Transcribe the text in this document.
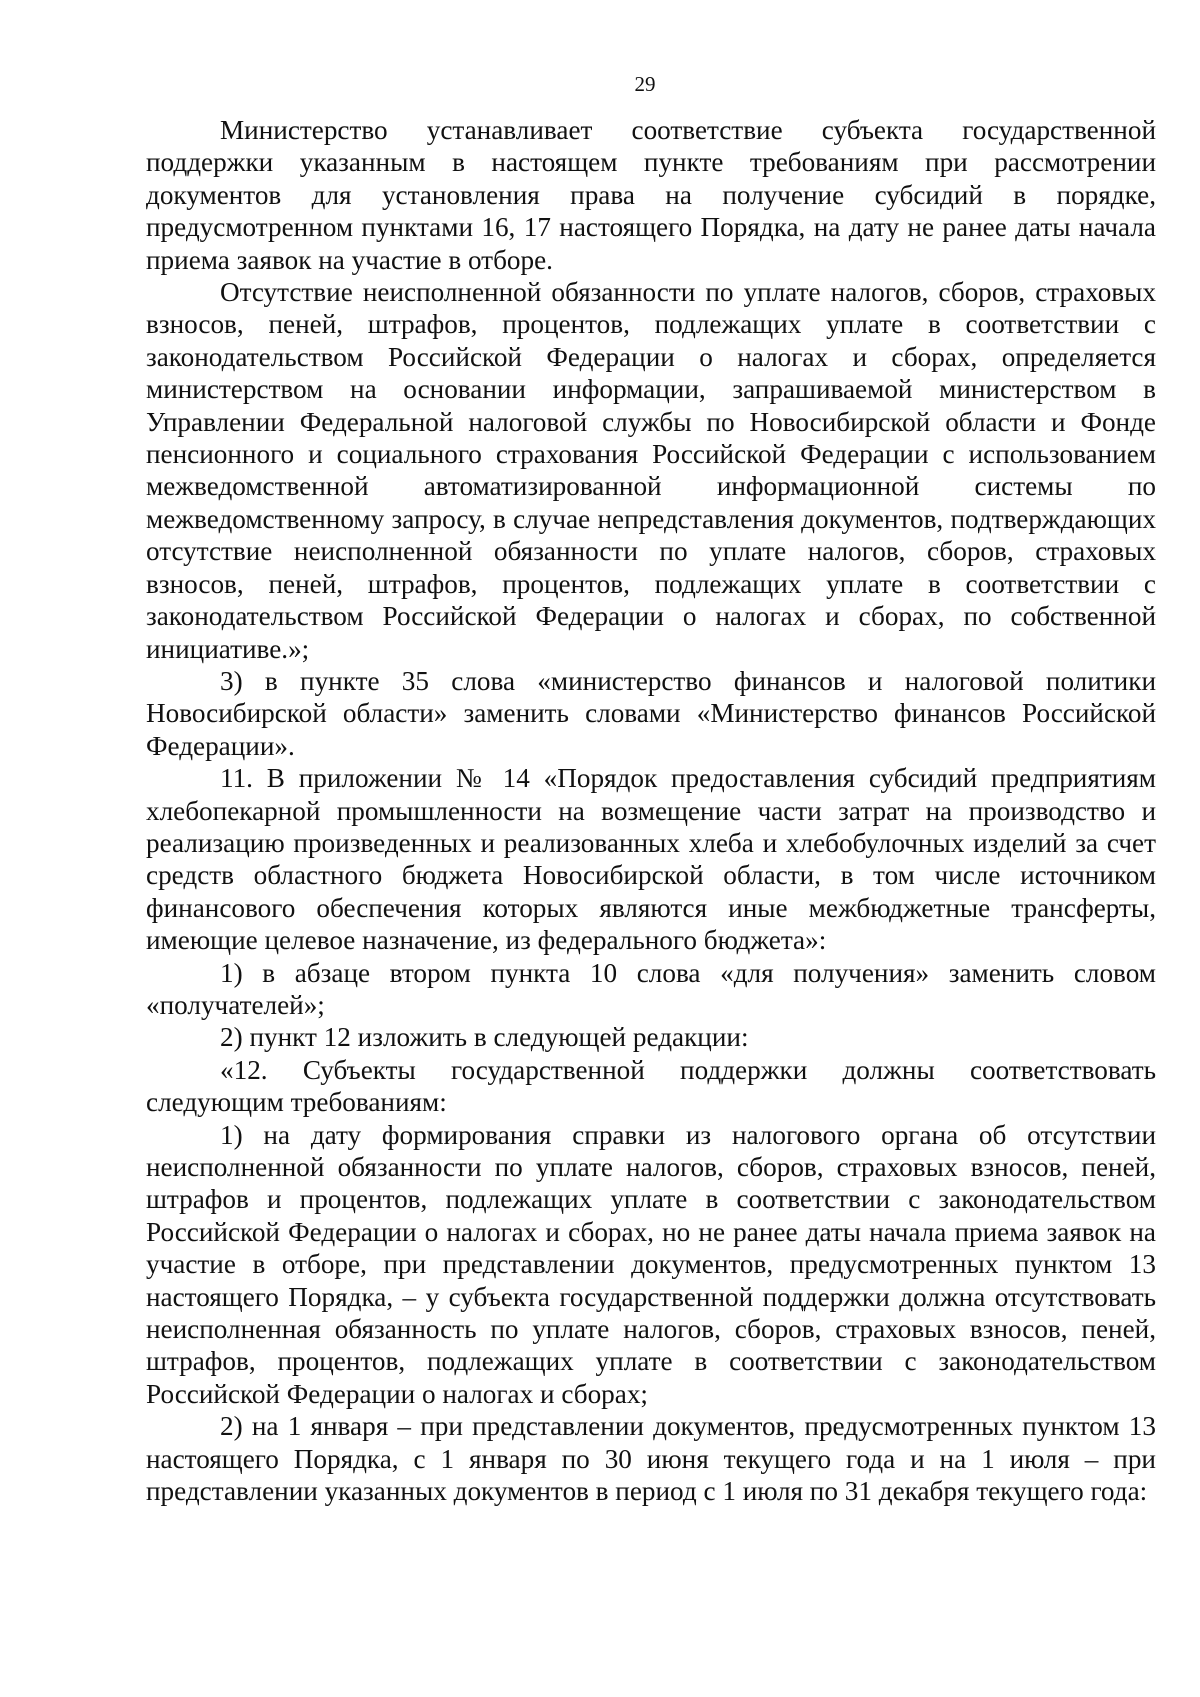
29

Министерство устанавливает соответствие субъекта государственной поддержки указанным в настоящем пункте требованиям при рассмотрении документов для установления права на получение субсидий в порядке, предусмотренном пунктами 16, 17 настоящего Порядка, на дату не ранее даты начала приема заявок на участие в отборе.

Отсутствие неисполненной обязанности по уплате налогов, сборов, страховых взносов, пеней, штрафов, процентов, подлежащих уплате в соответствии с законодательством Российской Федерации о налогах и сборах, определяется министерством на основании информации, запрашиваемой министерством в Управлении Федеральной налоговой службы по Новосибирской области и Фонде пенсионного и социального страхования Российской Федерации с использованием межведомственной автоматизированной информационной системы по межведомственному запросу, в случае непредставления документов, подтверждающих отсутствие неисполненной обязанности по уплате налогов, сборов, страховых взносов, пеней, штрафов, процентов, подлежащих уплате в соответствии с законодательством Российской Федерации о налогах и сборах, по собственной инициативе.»;

3) в пункте 35 слова «министерство финансов и налоговой политики Новосибирской области» заменить словами «Министерство финансов Российской Федерации».

11. В приложении № 14 «Порядок предоставления субсидий предприятиям хлебопекарной промышленности на возмещение части затрат на производство и реализацию произведенных и реализованных хлеба и хлебобулочных изделий за счет средств областного бюджета Новосибирской области, в том числе источником финансового обеспечения которых являются иные межбюджетные трансферты, имеющие целевое назначение, из федерального бюджета»:

1) в абзаце втором пункта 10 слова «для получения» заменить словом «получателей»;

2) пункт 12 изложить в следующей редакции:

«12. Субъекты государственной поддержки должны соответствовать следующим требованиям:

1) на дату формирования справки из налогового органа об отсутствии неисполненной обязанности по уплате налогов, сборов, страховых взносов, пеней, штрафов и процентов, подлежащих уплате в соответствии с законодательством Российской Федерации о налогах и сборах, но не ранее даты начала приема заявок на участие в отборе, при представлении документов, предусмотренных пунктом 13 настоящего Порядка, – у субъекта государственной поддержки должна отсутствовать неисполненная обязанность по уплате налогов, сборов, страховых взносов, пеней, штрафов, процентов, подлежащих уплате в соответствии с законодательством Российской Федерации о налогах и сборах;

2) на 1 января – при представлении документов, предусмотренных пунктом 13 настоящего Порядка, с 1 января по 30 июня текущего года и на 1 июля – при представлении указанных документов в период с 1 июля по 31 декабря текущего года:
